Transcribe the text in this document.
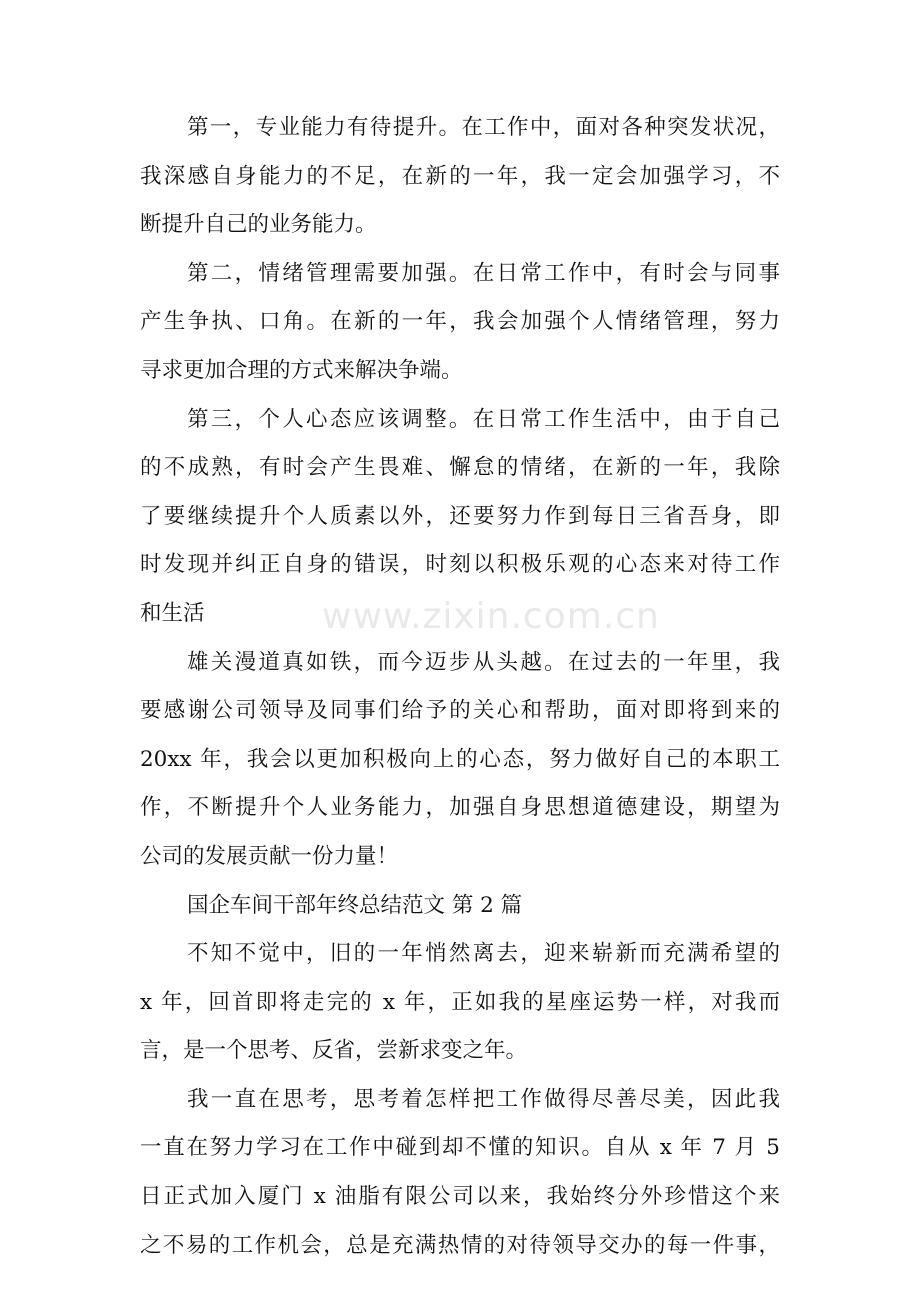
第一，专业能力有待提升。在工作中，面对各种突发状况，
我深感自身能力的不足，在新的一年，我一定会加强学习，不
断提升自己的业务能力。
第二，情绪管理需要加强。在日常工作中，有时会与同事
产生争执、口角。在新的一年，我会加强个人情绪管理，努力
寻求更加合理的方式来解决争端。
第三，个人心态应该调整。在日常工作生活中，由于自己
的不成熟，有时会产生畏难、懈怠的情绪，在新的一年，我除
了要继续提升个人质素以外，还要努力作到每日三省吾身，即
时发现并纠正自身的错误，时刻以积极乐观的心态来对待工作
和生活
雄关漫道真如铁，而今迈步从头越。在过去的一年里，我
要感谢公司领导及同事们给予的关心和帮助，面对即将到来的
20xx 年，我会以更加积极向上的心态，努力做好自己的本职工
作，不断提升个人业务能力，加强自身思想道德建设，期望为
公司的发展贡献一份力量！
国企车间干部年终总结范文 第 2 篇
不知不觉中，旧的一年悄然离去，迎来崭新而充满希望的
x 年，回首即将走完的 x 年，正如我的星座运势一样，对我而
言，是一个思考、反省，尝新求变之年。
我一直在思考，思考着怎样把工作做得尽善尽美，因此我
一直在努力学习在工作中碰到却不懂的知识。自从 x 年 7 月 5
日正式加入厦门 x 油脂有限公司以来，我始终分外珍惜这个来
之不易的工作机会，总是充满热情的对待领导交办的每一件事，
www.zixin.com.cn
